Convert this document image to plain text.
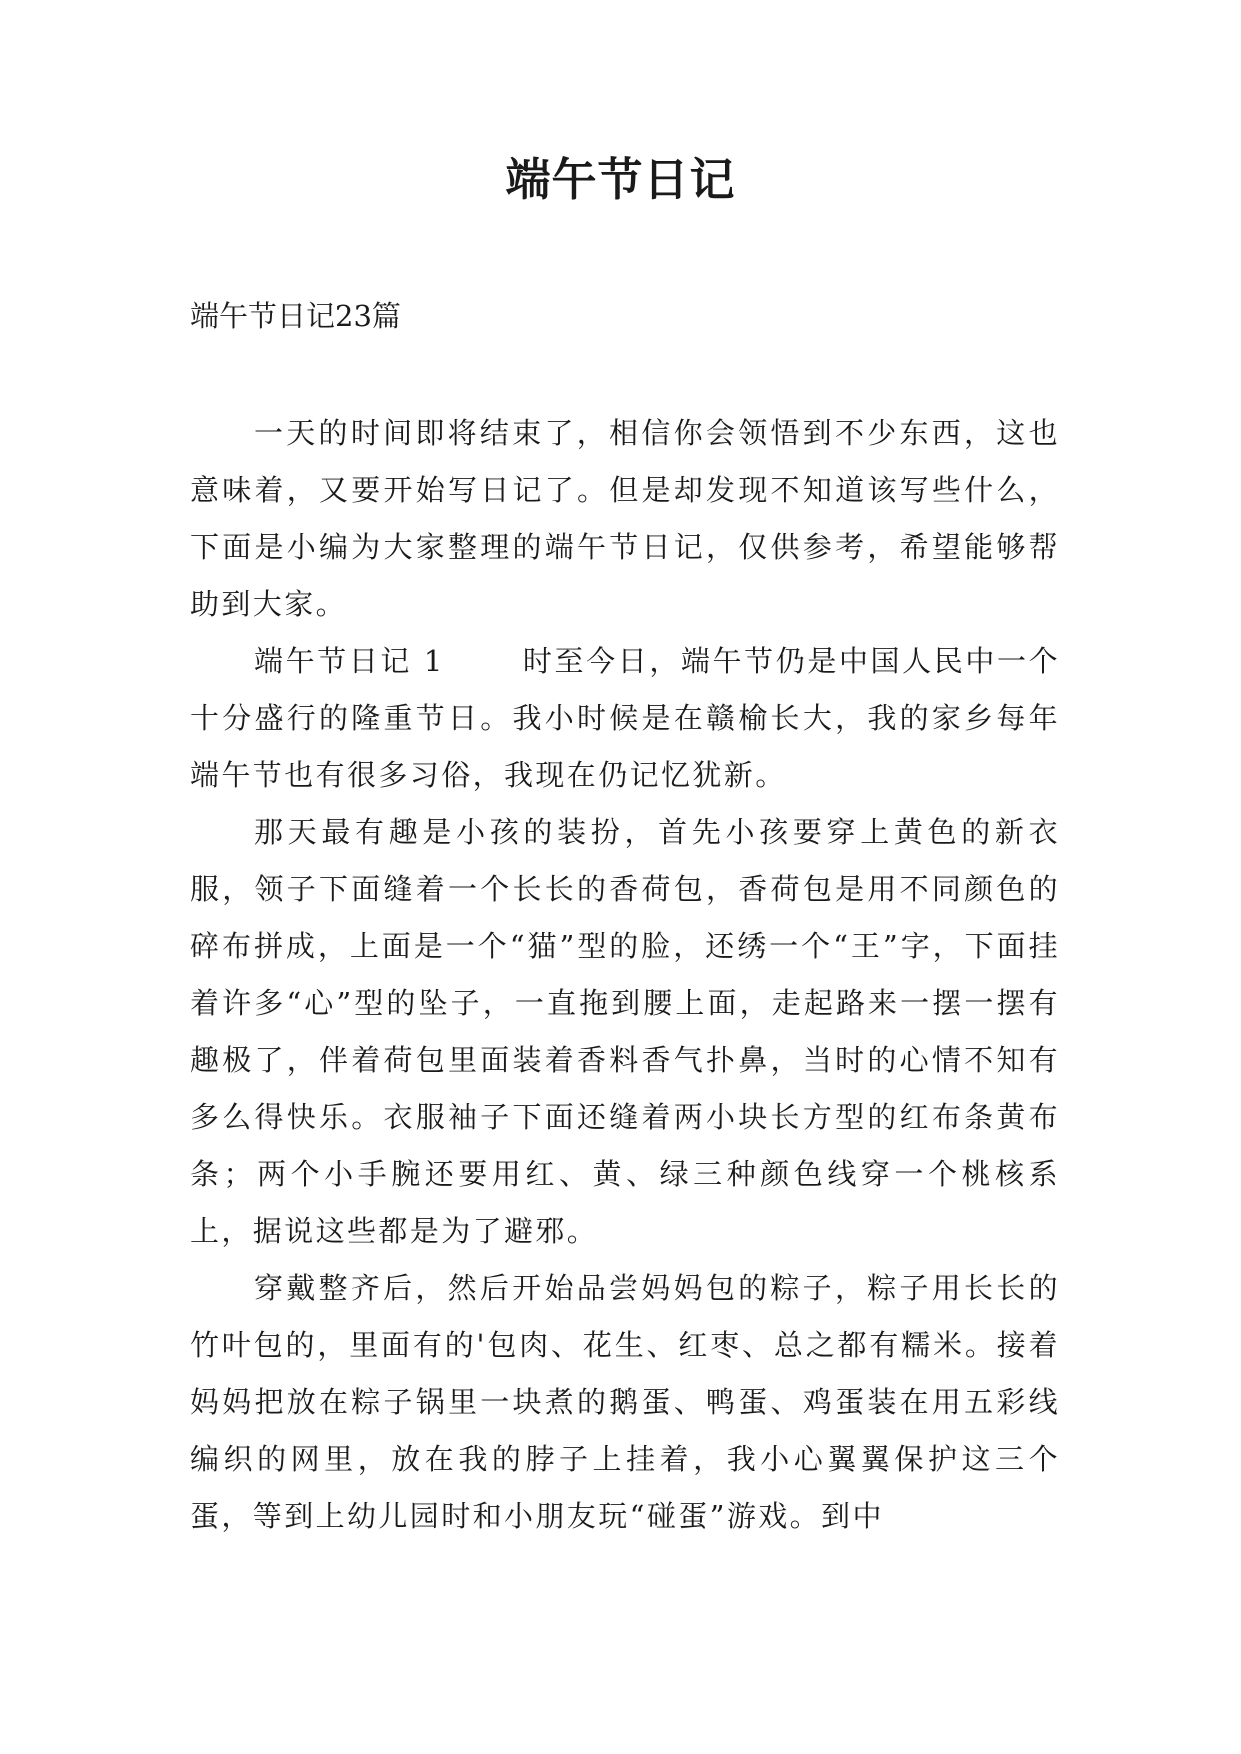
端午节日记

端午节日记23篇

一天的时间即将结束了，相信你会领悟到不少东西，这也意味着，又要开始写日记了。但是却发现不知道该写些什么，下面是小编为大家整理的端午节日记，仅供参考，希望能够帮助到大家。

端午节日记 1	时至今日，端午节仍是中国人民中一个十分盛行的隆重节日。我小时候是在赣榆长大，我的家乡每年端午节也有很多习俗，我现在仍记忆犹新。

那天最有趣是小孩的装扮，首先小孩要穿上黄色的新衣服，领子下面缝着一个长长的香荷包，香荷包是用不同颜色的碎布拼成，上面是一个“猫”型的脸，还绣一个“王”字，下面挂着许多“心”型的坠子，一直拖到腰上面，走起路来一摆一摆有趣极了，伴着荷包里面装着香料香气扑鼻，当时的心情不知有多么得快乐。衣服袖子下面还缝着两小块长方型的红布条黄布条；两个小手腕还要用红、黄、绿三种颜色线穿一个桃核系上，据说这些都是为了避邪。

穿戴整齐后，然后开始品尝妈妈包的粽子，粽子用长长的竹叶包的，里面有的'包肉、花生、红枣、总之都有糯米。接着妈妈把放在粽子锅里一块煮的鹅蛋、鸭蛋、鸡蛋装在用五彩线编织的网里，放在我的脖子上挂着，我小心翼翼保护这三个蛋，等到上幼儿园时和小朋友玩“碰蛋”游戏。到中
